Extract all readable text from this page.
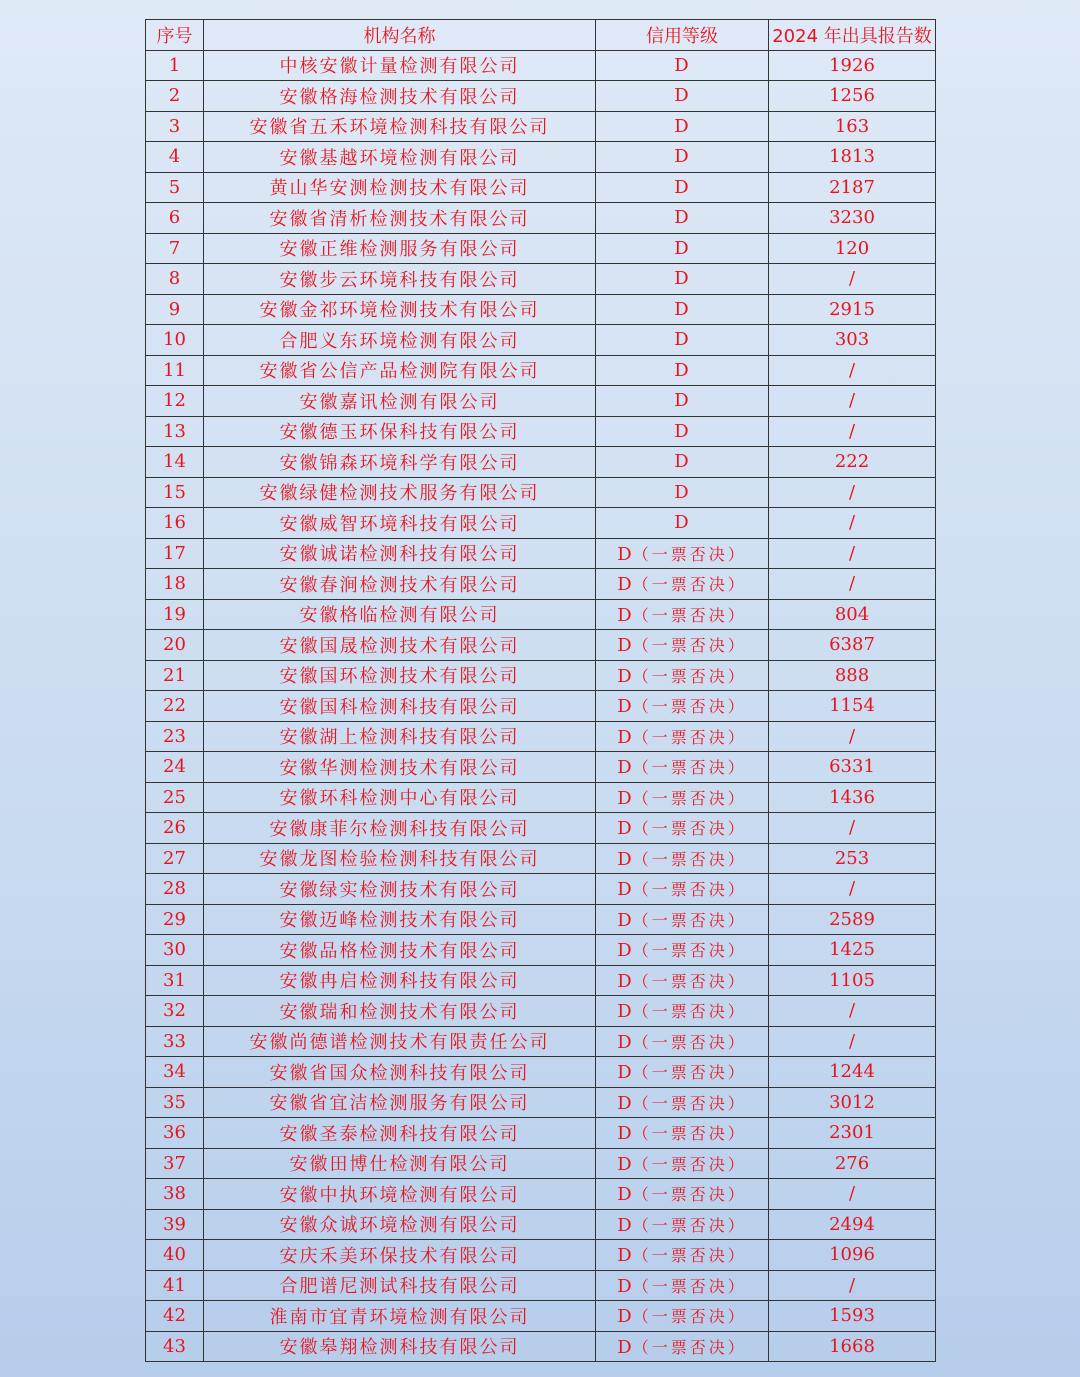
序号	机构名称	信用等级	2024 年出具报告数
1	中核安徽计量检测有限公司	D	1926
2	安徽格海检测技术有限公司	D	1256
3	安徽省五禾环境检测科技有限公司	D	163
4	安徽基越环境检测有限公司	D	1813
5	黄山华安测检测技术有限公司	D	2187
6	安徽省清析检测技术有限公司	D	3230
7	安徽正维检测服务有限公司	D	120
8	安徽步云环境科技有限公司	D	/
9	安徽金祁环境检测技术有限公司	D	2915
10	合肥义东环境检测有限公司	D	303
11	安徽省公信产品检测院有限公司	D	/
12	安徽嘉讯检测有限公司	D	/
13	安徽德玉环保科技有限公司	D	/
14	安徽锦森环境科学有限公司	D	222
15	安徽绿健检测技术服务有限公司	D	/
16	安徽威智环境科技有限公司	D	/
17	安徽诚诺检测科技有限公司	D（一票否决）	/
18	安徽春涧检测技术有限公司	D（一票否决）	/
19	安徽格临检测有限公司	D（一票否决）	804
20	安徽国晟检测技术有限公司	D（一票否决）	6387
21	安徽国环检测技术有限公司	D（一票否决）	888
22	安徽国科检测科技有限公司	D（一票否决）	1154
23	安徽湖上检测科技有限公司	D（一票否决）	/
24	安徽华测检测技术有限公司	D（一票否决）	6331
25	安徽环科检测中心有限公司	D（一票否决）	1436
26	安徽康菲尔检测科技有限公司	D（一票否决）	/
27	安徽龙图检验检测科技有限公司	D（一票否决）	253
28	安徽绿实检测技术有限公司	D（一票否决）	/
29	安徽迈峰检测技术有限公司	D（一票否决）	2589
30	安徽品格检测技术有限公司	D（一票否决）	1425
31	安徽冉启检测科技有限公司	D（一票否决）	1105
32	安徽瑞和检测技术有限公司	D（一票否决）	/
33	安徽尚德谱检测技术有限责任公司	D（一票否决）	/
34	安徽省国众检测科技有限公司	D（一票否决）	1244
35	安徽省宜洁检测服务有限公司	D（一票否决）	3012
36	安徽圣泰检测科技有限公司	D（一票否决）	2301
37	安徽田博仕检测有限公司	D（一票否决）	276
38	安徽中执环境检测有限公司	D（一票否决）	/
39	安徽众诚环境检测有限公司	D（一票否决）	2494
40	安庆禾美环保技术有限公司	D（一票否决）	1096
41	合肥谱尼测试科技有限公司	D（一票否决）	/
42	淮南市宜青环境检测有限公司	D（一票否决）	1593
43	安徽皋翔检测科技有限公司	D（一票否决）	1668
